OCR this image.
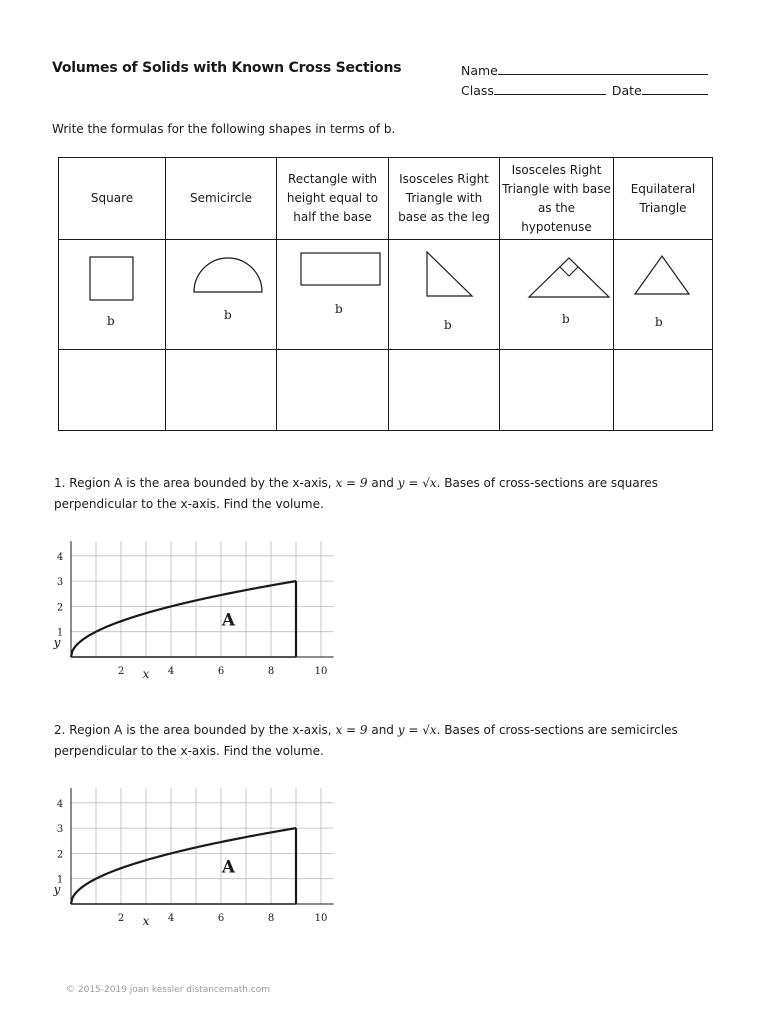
Volumes of Solids with Known Cross Sections	Name
Class	Date
Write the formulas for the following shapes in terms of b.
Square	Semicircle	Rectangle with height equal to half the base	Isosceles Right Triangle with base as the leg	Isosceles Right Triangle with base as the hypotenuse	Equilateral Triangle

b	b	b	b	b	b

1. Region A is the area bounded by the x-axis, x = 9 and y = √x. Bases of cross-sections are squares perpendicular to the x-axis. Find the volume.
2	4	6	8	10
1
2
3
4
x
y
A
2. Region A is the area bounded by the x-axis, x = 9 and y = √x. Bases of cross-sections are semicircles perpendicular to the x-axis. Find the volume.
2	4	6	8	10
1
2
3
4
x
y
A
© 2015-2019 joan kessler distancemath.com
